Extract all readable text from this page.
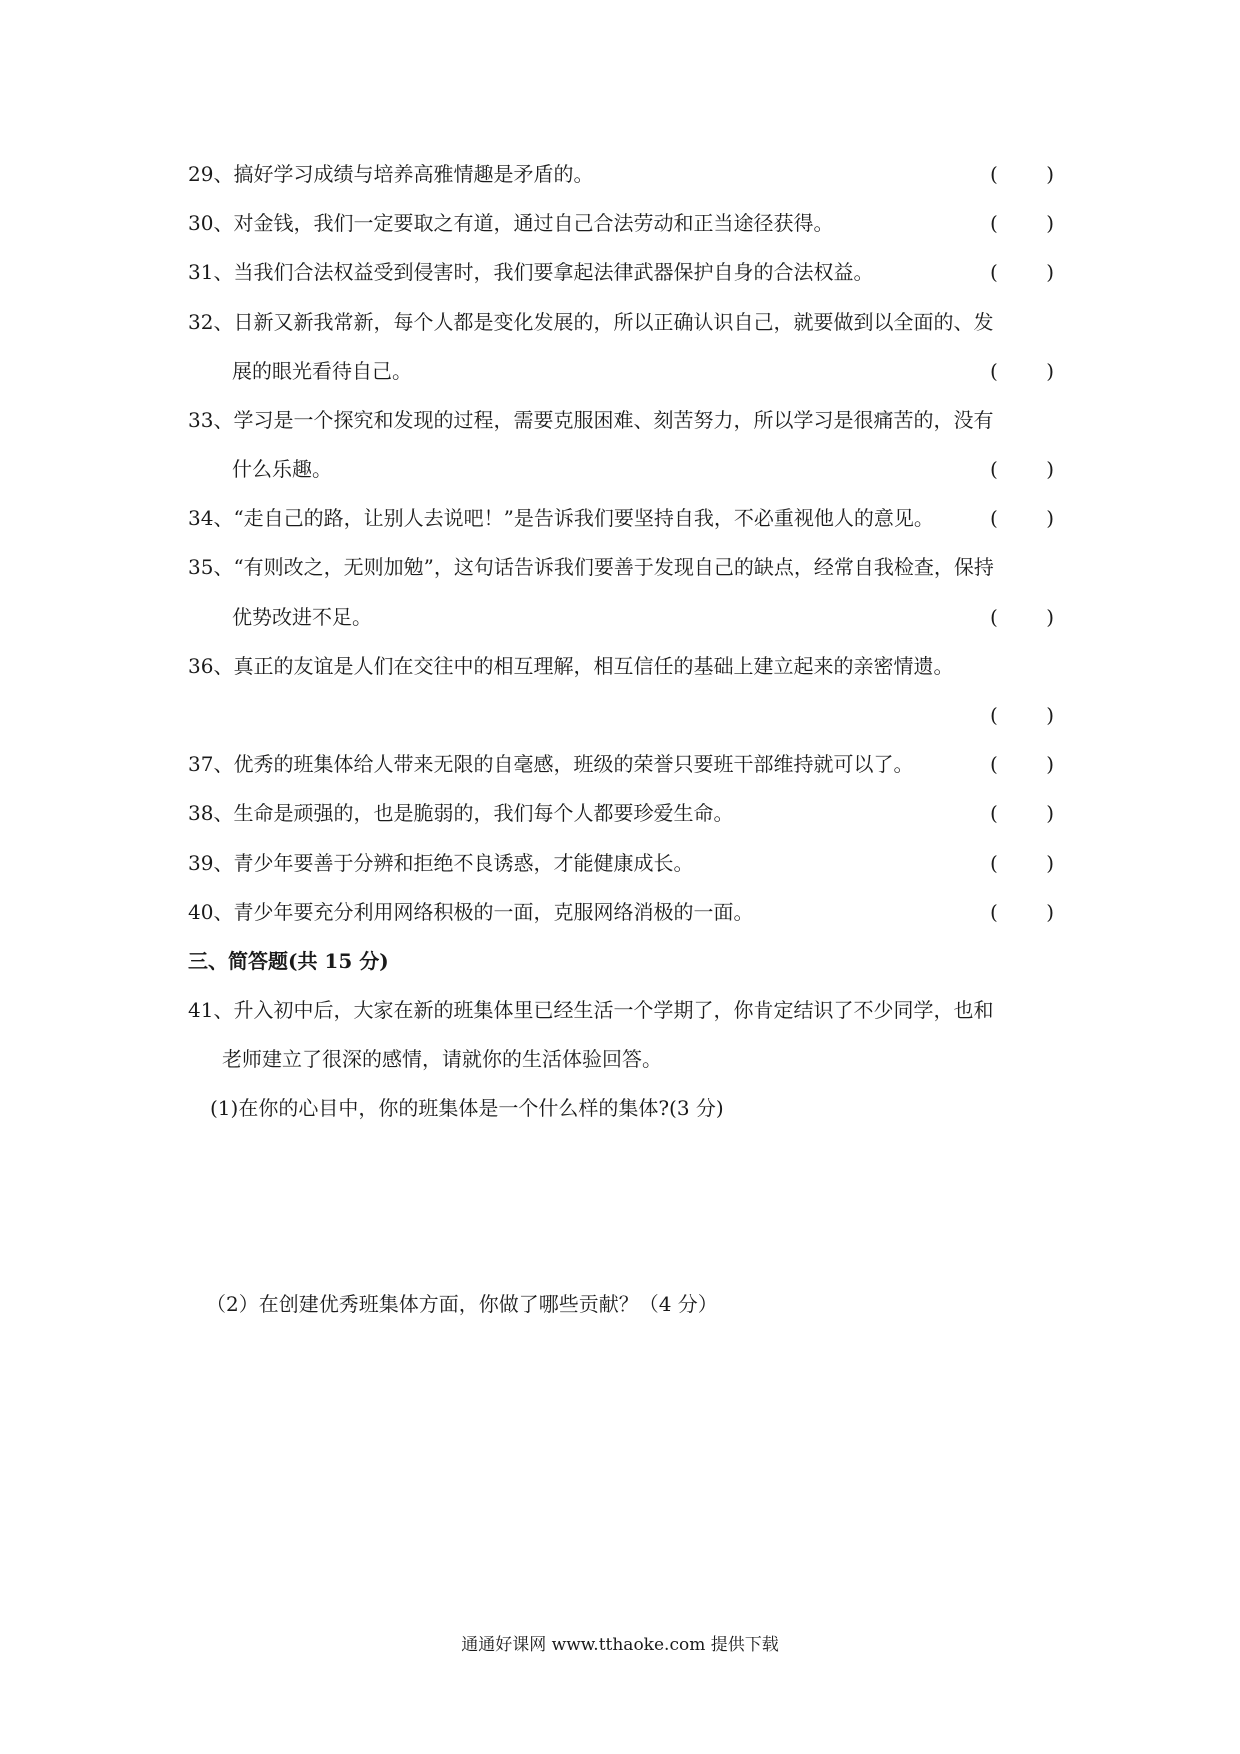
29、搞好学习成绩与培养高雅情趣是矛盾的。	( )
30、对金钱，我们一定要取之有道，通过自己合法劳动和正当途径获得。	( )
31、当我们合法权益受到侵害时，我们要拿起法律武器保护自身的合法权益。	( )
32、日新又新我常新，每个人都是变化发展的，所以正确认识自己，就要做到以全面的、发
展的眼光看待自己。	( )
33、学习是一个探究和发现的过程，需要克服困难、刻苦努力，所以学习是很痛苦的，没有
什么乐趣。	( )
34、“走自己的路，让别人去说吧！”是告诉我们要坚持自我，不必重视他人的意见。	( )
35、“有则改之，无则加勉”，这句话告诉我们要善于发现自己的缺点，经常自我检查，保持
优势改进不足。	( )
36、真正的友谊是人们在交往中的相互理解，相互信任的基础上建立起来的亲密情遗。
( )
37、优秀的班集体给人带来无限的自毫感，班级的荣誉只要班干部维持就可以了。	( )
38、生命是顽强的，也是脆弱的，我们每个人都要珍爱生命。	( )
39、青少年要善于分辨和拒绝不良诱惑，才能健康成长。	( )
40、青少年要充分利用网络积极的一面，克服网络消极的一面。	( )
三、简答题(共 15 分)
41、升入初中后，大家在新的班集体里已经生活一个学期了，你肯定结识了不少同学，也和
老师建立了很深的感情，请就你的生活体验回答。
(1)在你的心目中，你的班集体是一个什么样的集体?(3 分)
（2）在创建优秀班集体方面，你做了哪些贡献？（4 分）
通通好课网 www.tthaoke.com 提供下载
